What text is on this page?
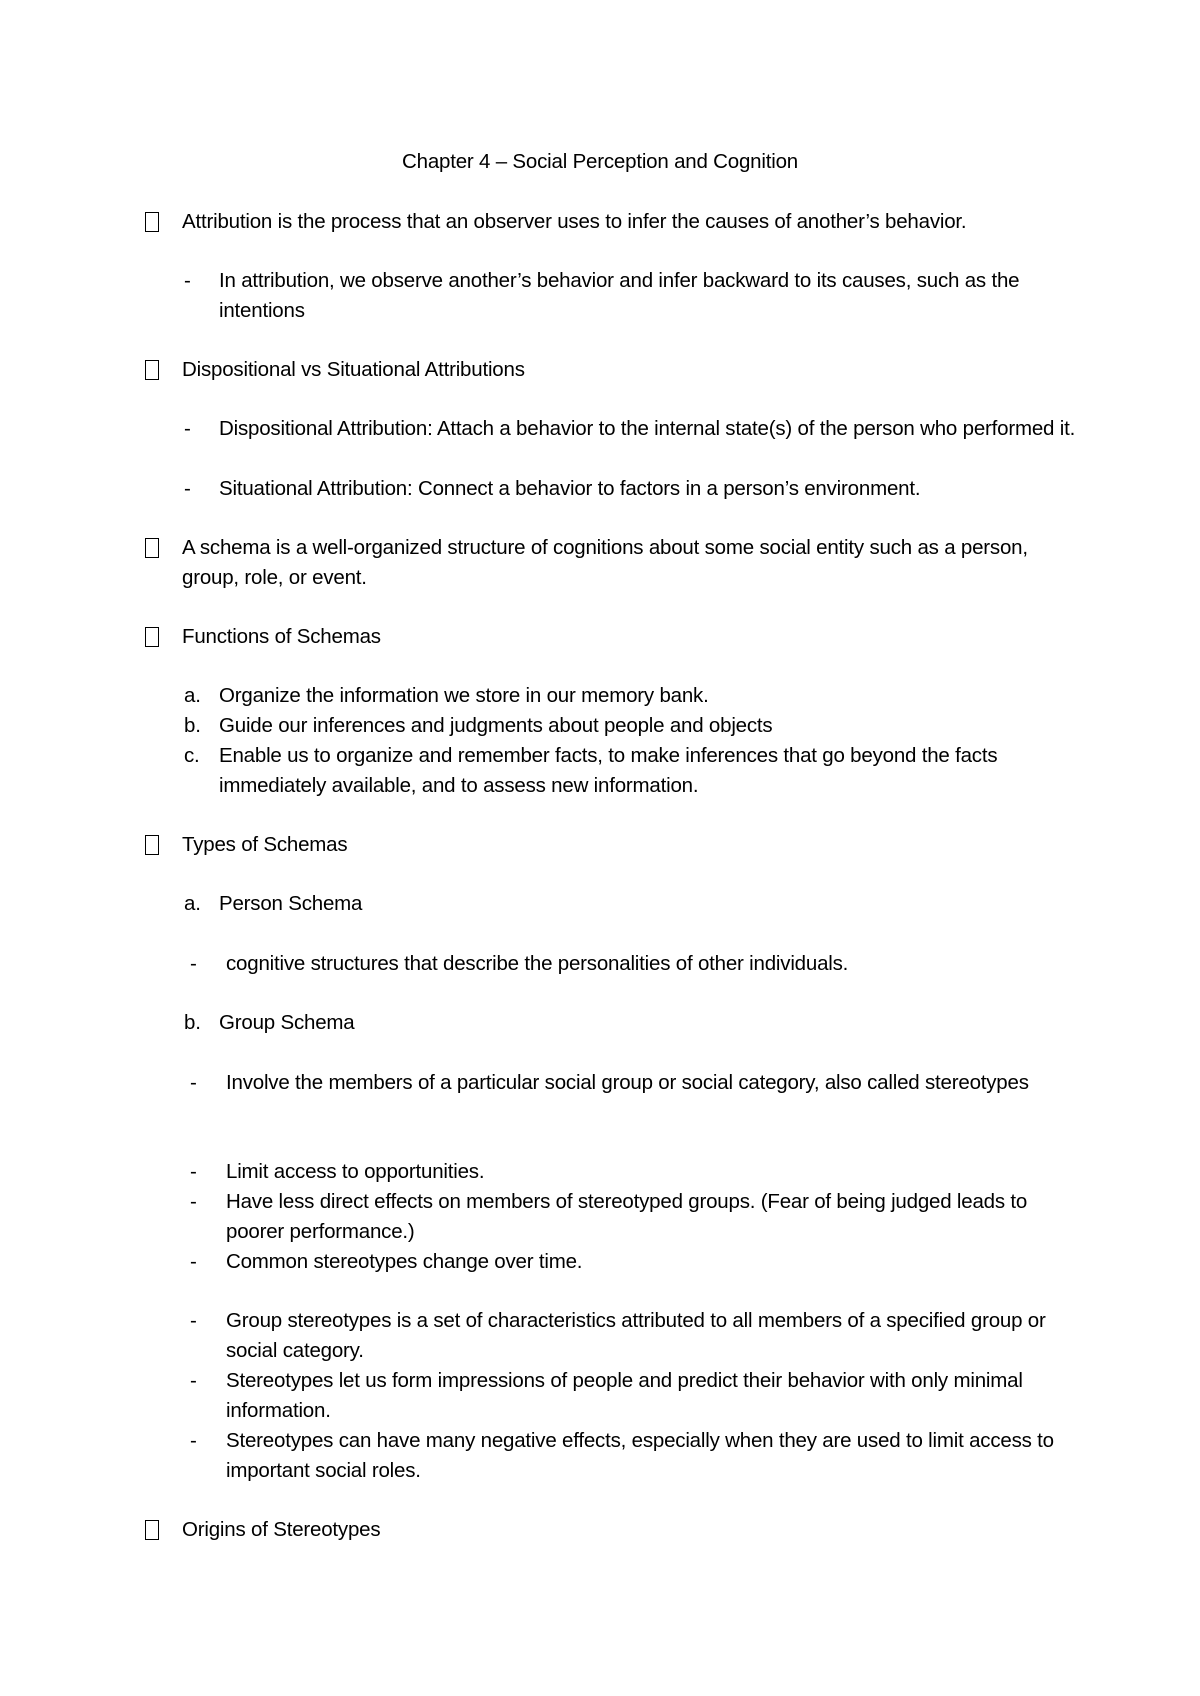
Chapter 4 – Social Perception and Cognition
Attribution is the process that an observer uses to infer the causes of another’s behavior.
-	In attribution, we observe another’s behavior and infer backward to its causes, such as the intentions
Dispositional vs Situational Attributions
-	Dispositional Attribution: Attach a behavior to the internal state(s) of the person who performed it.
-	Situational Attribution: Connect a behavior to factors in a person’s environment.
A schema is a well-organized structure of cognitions about some social entity such as a person, group, role, or event.
Functions of Schemas
a. Organize the information we store in our memory bank.
b. Guide our inferences and judgments about people and objects
c. Enable us to organize and remember facts, to make inferences that go beyond the facts immediately available, and to assess new information.
Types of Schemas
a. Person Schema
-	cognitive structures that describe the personalities of other individuals.
b. Group Schema
-	Involve the members of a particular social group or social category, also called stereotypes
-	Limit access to opportunities.
-	Have less direct effects on members of stereotyped groups. (Fear of being judged leads to poorer performance.)
-	Common stereotypes change over time.
-	Group stereotypes is a set of characteristics attributed to all members of a specified group or social category.
-	Stereotypes let us form impressions of people and predict their behavior with only minimal information.
-	Stereotypes can have many negative effects, especially when they are used to limit access to important social roles.
Origins of Stereotypes
